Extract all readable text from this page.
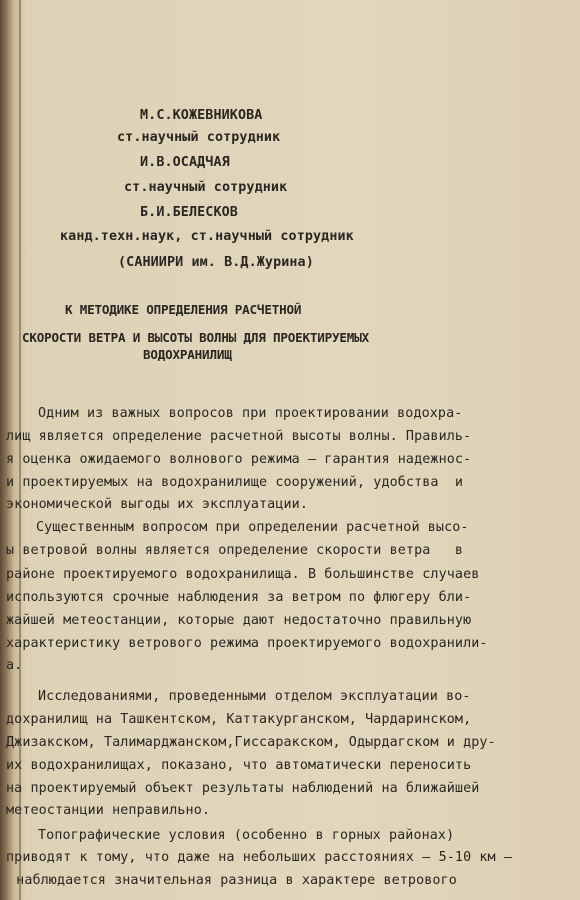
М.С.КОЖЕВНИКОВА
ст.научный сотрудник
И.В.ОСАДЧАЯ
ст.научный сотрудник
Б.И.БЕЛЕСКОВ
канд.техн.наук, ст.научный сотрудник
(САНИИРИ им. В.Д.Журина)
К МЕТОДИКЕ ОПРЕДЕЛЕНИЯ РАСЧЕТНОЙ
СКОРОСТИ ВЕТРА И ВЫСОТЫ ВОЛНЫ ДЛЯ ПРОЕКТИРУЕМЫХ
ВОДОХРАНИЛИЩ
Одним из важных вопросов при проектировании водохра-
лищ является определение расчетной высоты волны. Правиль-
я оценка ожидаемого волнового режима – гарантия надежнос-
и проектируемых на водохранилище сооружений, удобства  и
экономической выгоды их эксплуатации.
Существенным вопросом при определении расчетной высо-
ы ветровой волны является определение скорости ветра   в
районе проектируемого водохранилища. В большинстве случаев
используются срочные наблюдения за ветром по флюгеру бли-
жайшей метеостанции, которые дают недостаточно правильную
характеристику ветрового режима проектируемого водохранили-
а.
Исследованиями, проведенными отделом эксплуатации во-
дохранилищ на Ташкентском, Каттакурганском, Чардаринском,
Джизакском, Талимарджанском,Гиссаракском, Одырдагском и дру-
их водохранилищах, показано, что автоматически переносить
на проектируемый объект результаты наблюдений на ближайшей
метеостанции неправильно.
Топографические условия (особенно в горных районах)
приводят к тому, что даже на небольших расстояниях – 5-10 км –
наблюдается значительная разница в характере ветрового
